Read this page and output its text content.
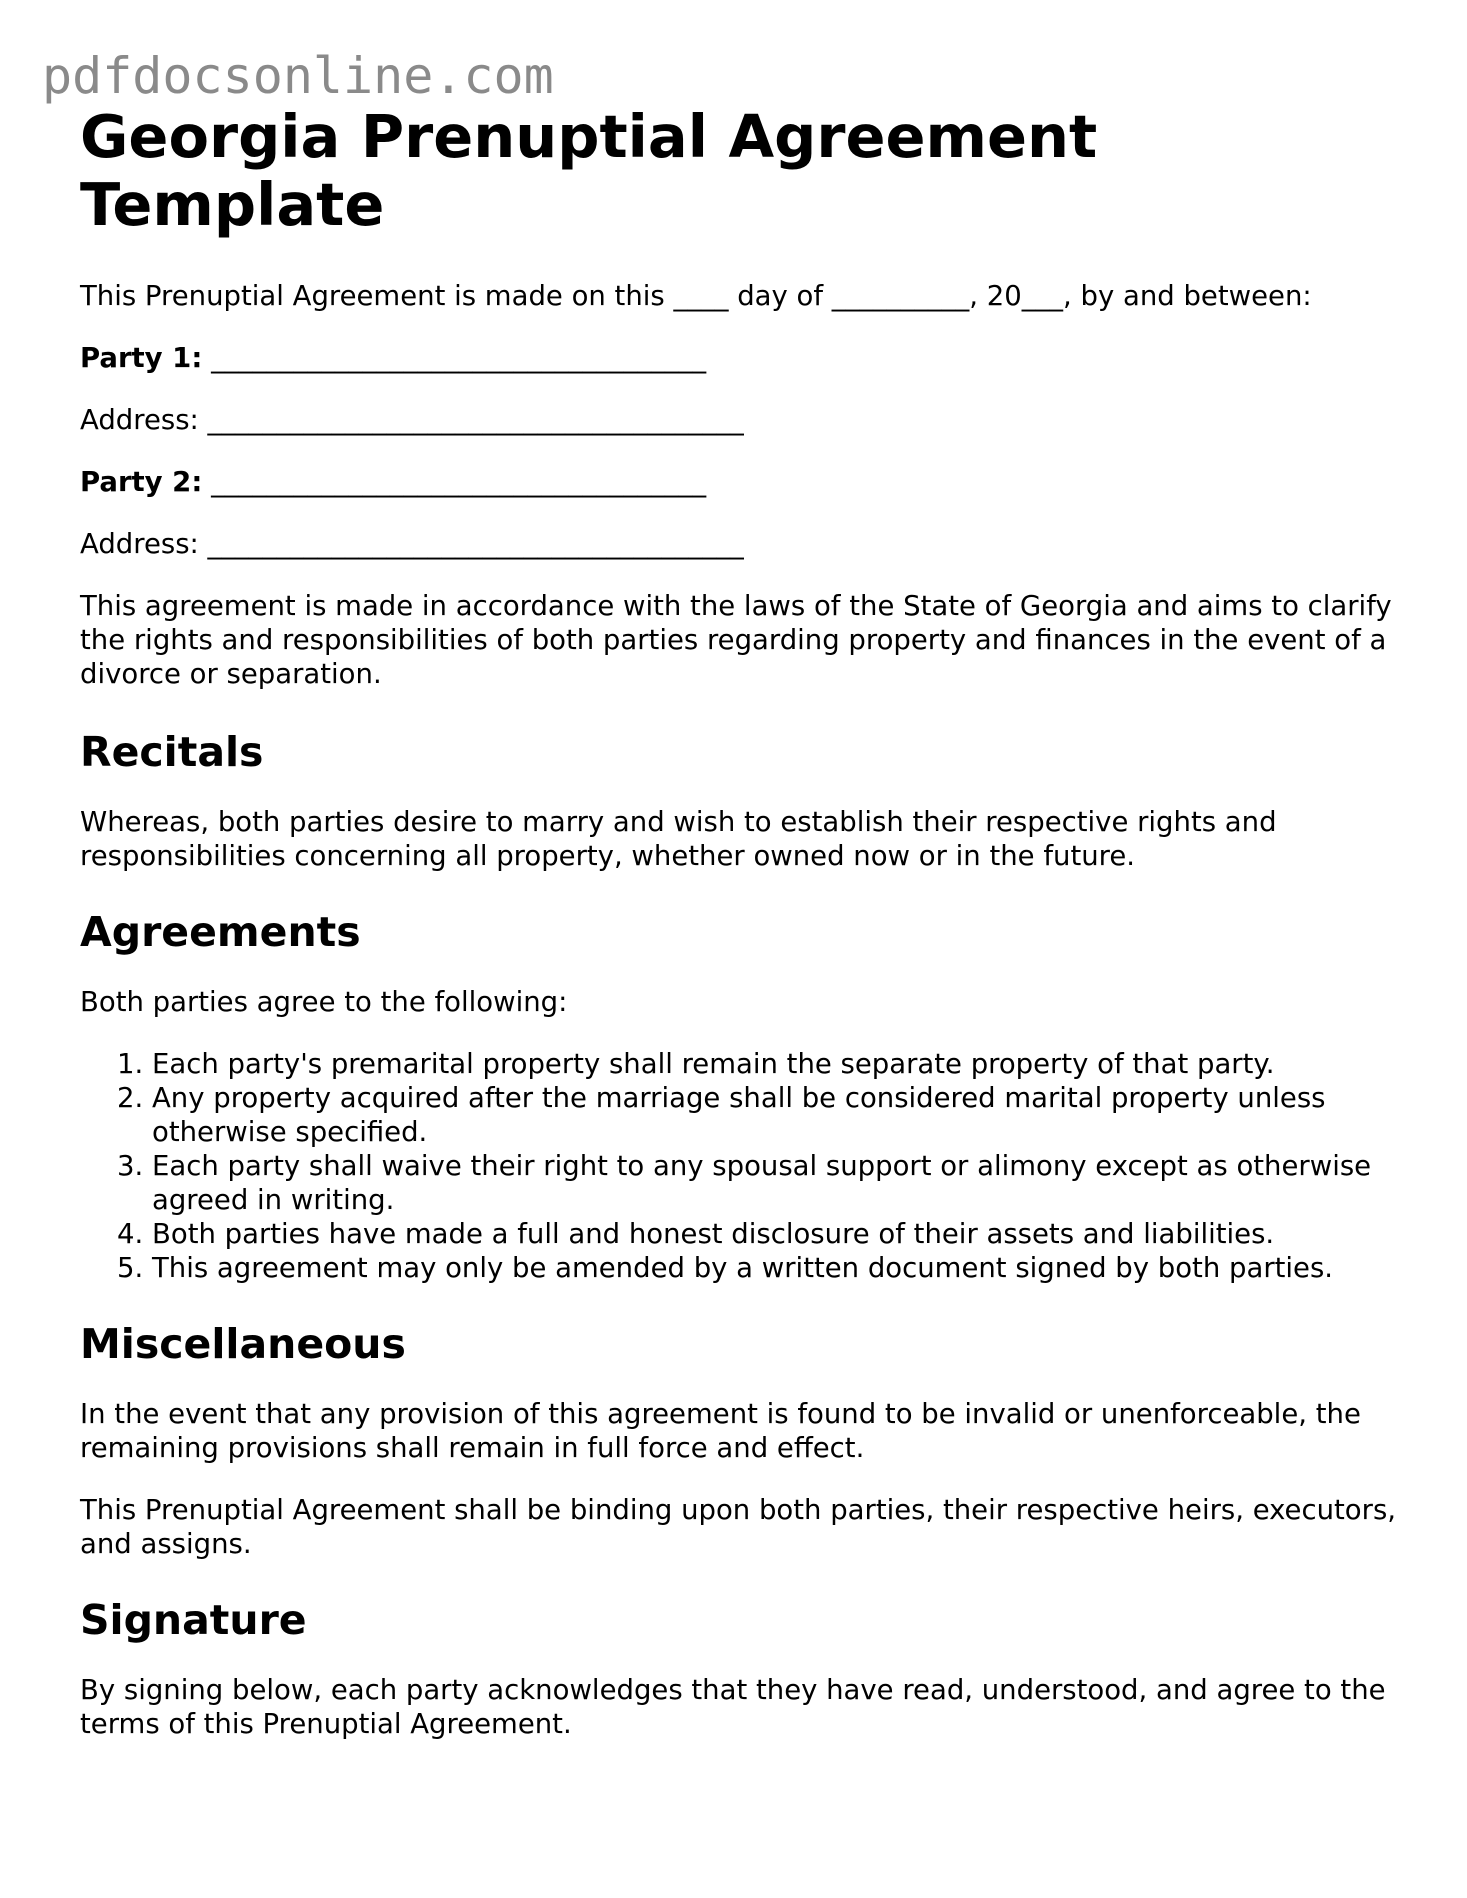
pdfdocsonline.com
Georgia Prenuptial Agreement Template

This Prenuptial Agreement is made on this ____ day of __________, 20___, by and between:

Party 1: ____________________________________

Address: _______________________________________

Party 2: ____________________________________

Address: _______________________________________

This agreement is made in accordance with the laws of the State of Georgia and aims to clarify the rights and responsibilities of both parties regarding property and finances in the event of a divorce or separation.

Recitals

Whereas, both parties desire to marry and wish to establish their respective rights and responsibilities concerning all property, whether owned now or in the future.

Agreements

Both parties agree to the following:

1. Each party's premarital property shall remain the separate property of that party.
2. Any property acquired after the marriage shall be considered marital property unless otherwise specified.
3. Each party shall waive their right to any spousal support or alimony except as otherwise agreed in writing.
4. Both parties have made a full and honest disclosure of their assets and liabilities.
5. This agreement may only be amended by a written document signed by both parties.
Miscellaneous

In the event that any provision of this agreement is found to be invalid or unenforceable, the remaining provisions shall remain in full force and effect.

This Prenuptial Agreement shall be binding upon both parties, their respective heirs, executors, and assigns.

Signature

By signing below, each party acknowledges that they have read, understood, and agree to the terms of this Prenuptial Agreement.
